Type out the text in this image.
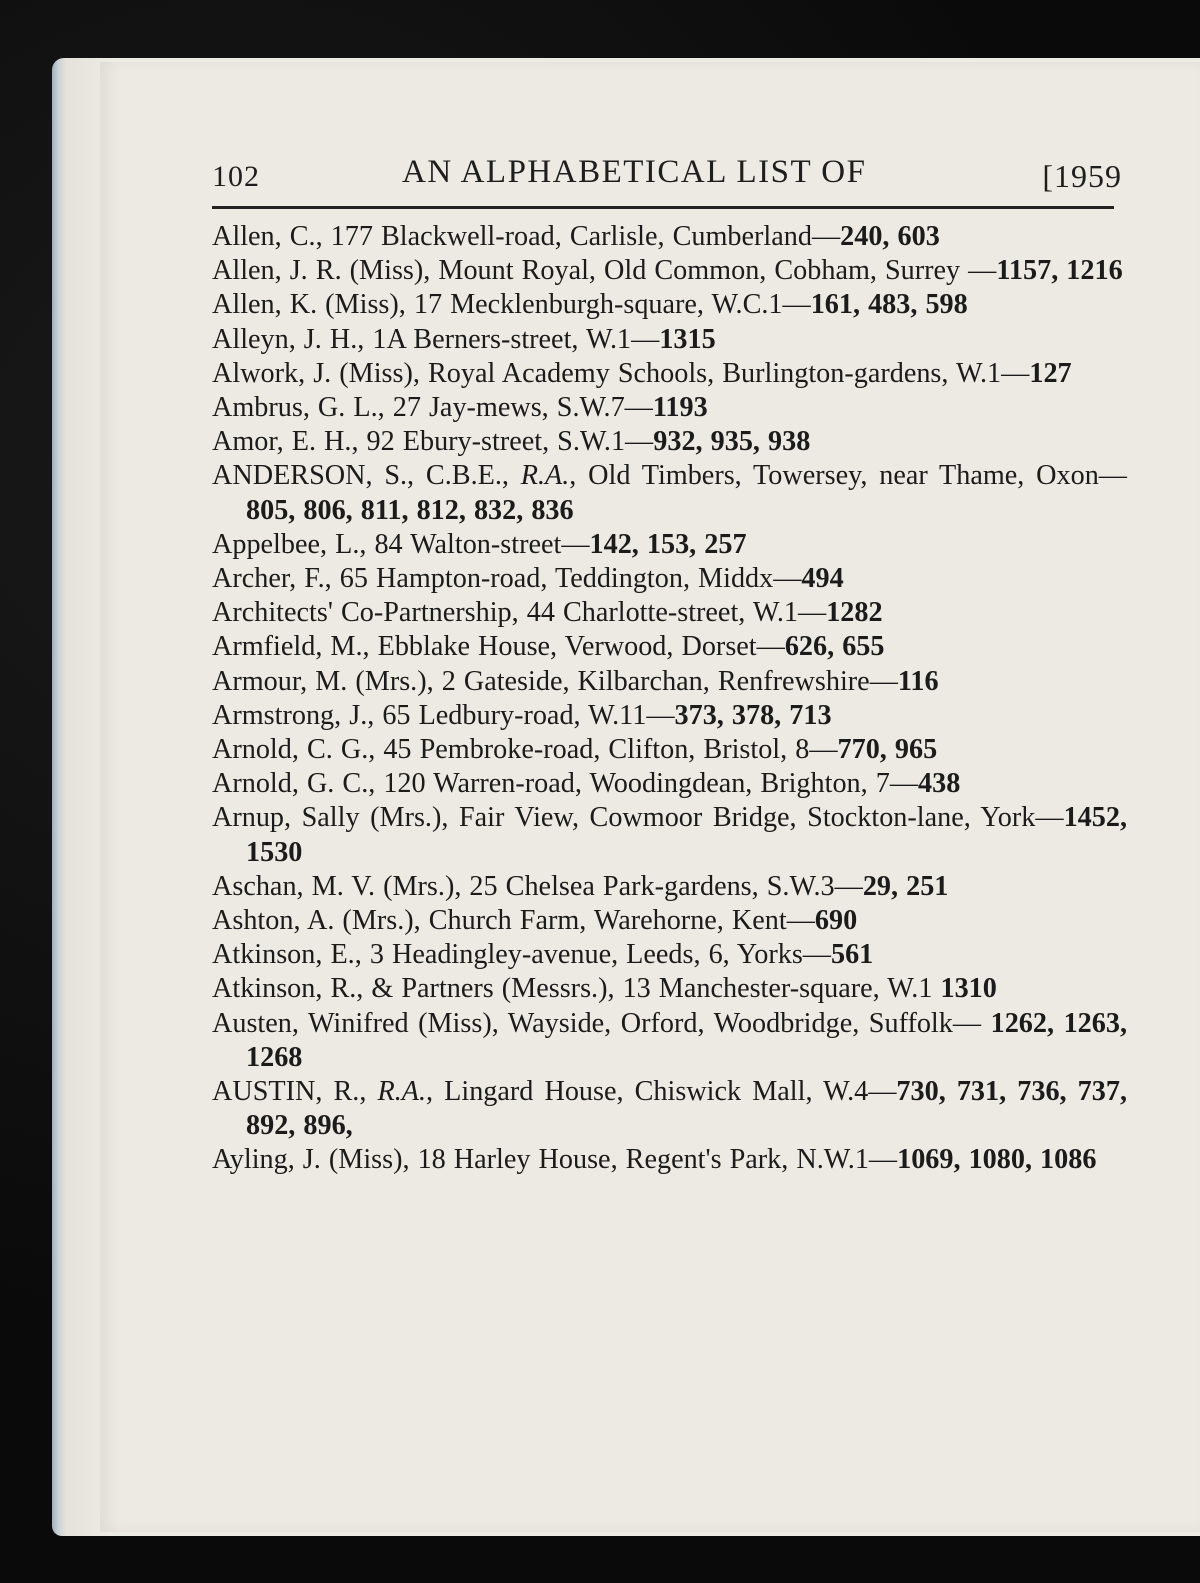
102	AN ALPHABETICAL LIST OF	[1959

Allen, C., 177 Blackwell-road, Carlisle, Cumberland—240, 603

Allen, J. R. (Miss), Mount Royal, Old Common, Cobham, Surrey —1157, 1216

Allen, K. (Miss), 17 Mecklenburgh-square, W.C.1—161, 483, 598

Alleyn, J. H., 1A Berners-street, W.1—1315

Alwork, J. (Miss), Royal Academy Schools, Burlington-gardens, W.1—127

Ambrus, G. L., 27 Jay-mews, S.W.7—1193

Amor, E. H., 92 Ebury-street, S.W.1—932, 935, 938

ANDERSON, S., C.B.E., R.A., Old Timbers, Towersey, near Thame, Oxon—805, 806, 811, 812, 832, 836

Appelbee, L., 84 Walton-street—142, 153, 257

Archer, F., 65 Hampton-road, Teddington, Middx—494

Architects' Co-Partnership, 44 Charlotte-street, W.1—1282

Armfield, M., Ebblake House, Verwood, Dorset—626, 655

Armour, M. (Mrs.), 2 Gateside, Kilbarchan, Renfrewshire—116

Armstrong, J., 65 Ledbury-road, W.11—373, 378, 713

Arnold, C. G., 45 Pembroke-road, Clifton, Bristol, 8—770, 965

Arnold, G. C., 120 Warren-road, Woodingdean, Brighton, 7—438

Arnup, Sally (Mrs.), Fair View, Cowmoor Bridge, Stockton-lane, York—1452, 1530

Aschan, M. V. (Mrs.), 25 Chelsea Park-gardens, S.W.3—29, 251

Ashton, A. (Mrs.), Church Farm, Warehorne, Kent—690

Atkinson, E., 3 Headingley-avenue, Leeds, 6, Yorks—561

Atkinson, R., & Partners (Messrs.), 13 Manchester-square, W.1 1310

Austen, Winifred (Miss), Wayside, Orford, Woodbridge, Suffolk— 1262, 1263, 1268

AUSTIN, R., R.A., Lingard House, Chiswick Mall, W.4—730, 731, 736, 737, 892, 896,

Ayling, J. (Miss), 18 Harley House, Regent's Park, N.W.1—1069, 1080, 1086
